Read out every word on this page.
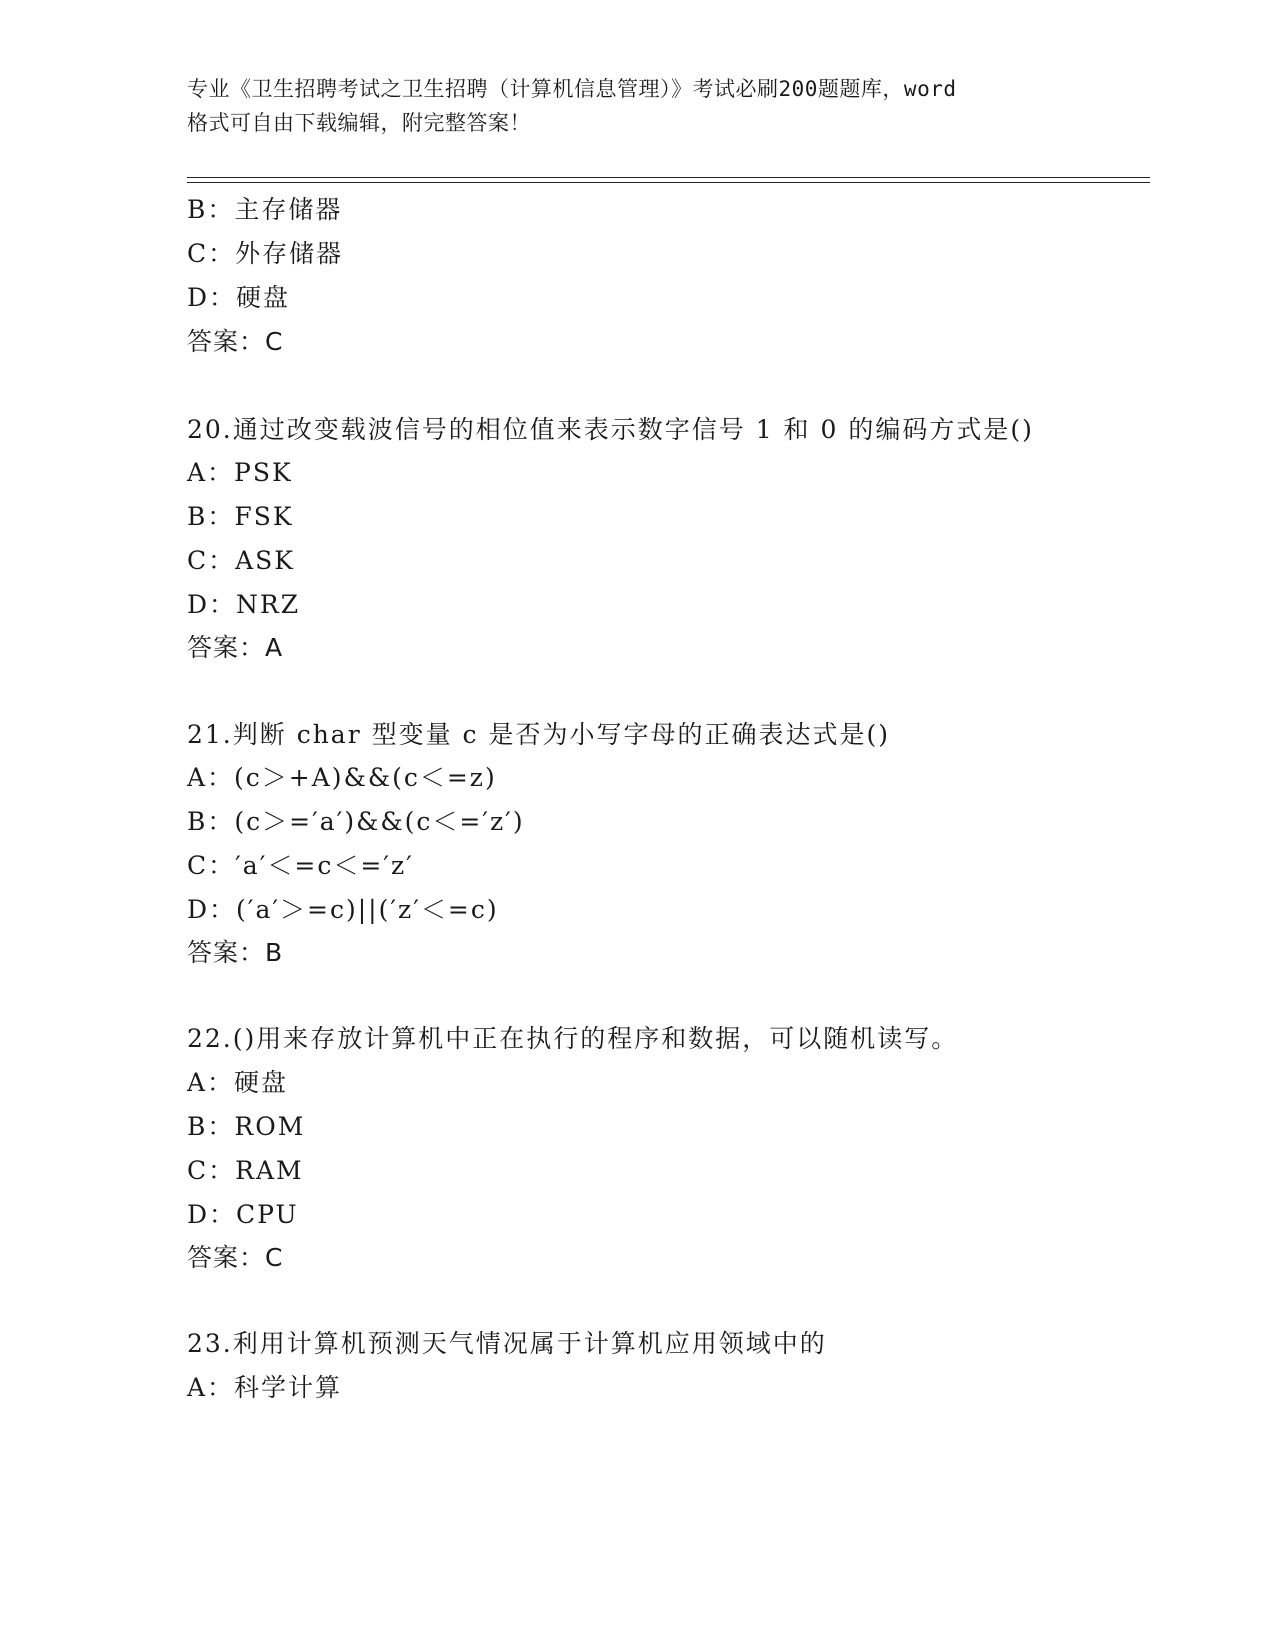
专业《卫生招聘考试之卫生招聘（计算机信息管理）》考试必刷200题题库，word
格式可自由下载编辑，附完整答案！
B：主存储器
C：外存储器
D：硬盘
答案：C
20.通过改变载波信号的相位值来表示数字信号 1 和 0 的编码方式是()
A：PSK
B：FSK
C：ASK
D：NRZ
答案：A
21.判断 char 型变量 c 是否为小写字母的正确表达式是()
A：(c＞+A)&&(c＜=z)
B：(c＞=′a′)&&(c＜=′z′)
C：′a′＜=c＜=′z′
D：(′a′＞=c)||(′z′＜=c)
答案：B
22.()用来存放计算机中正在执行的程序和数据，可以随机读写。
A：硬盘
B：ROM
C：RAM
D：CPU
答案：C
23.利用计算机预测天气情况属于计算机应用领域中的
A：科学计算
